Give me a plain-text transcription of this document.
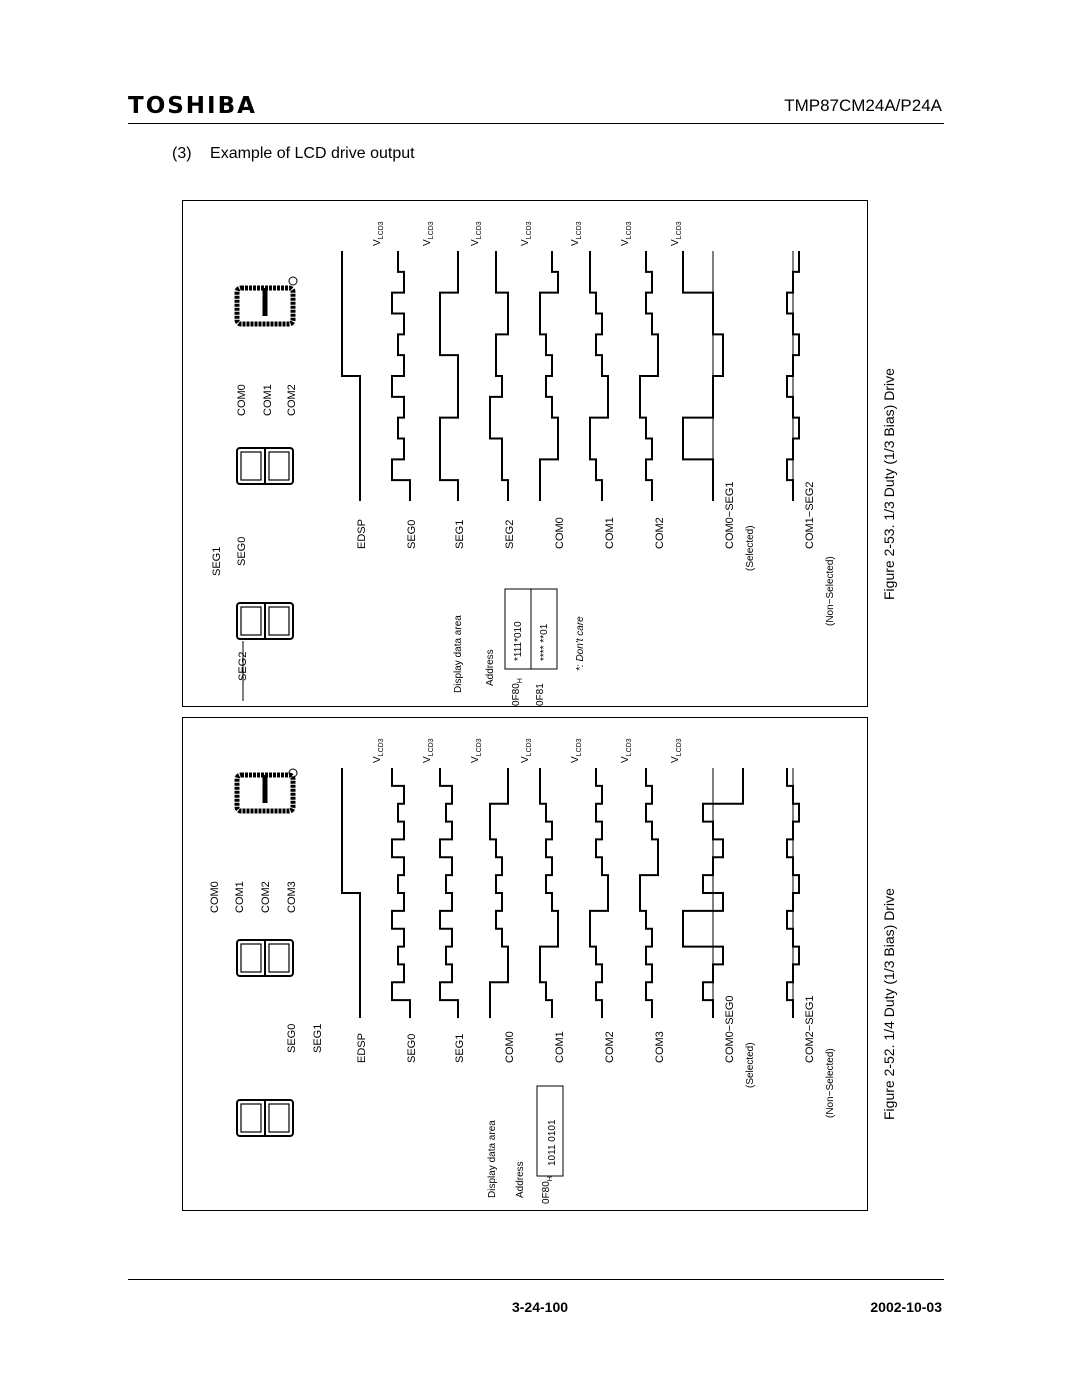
TOSHIBA	TMP87CM24A/P24A
(3) Example of LCD drive output
SEG2
SEG1 SEG0
COM0 COM1 COM2
Display data area Address
$0F80_H$
0F81
*111*010 **** **01	*: Don't care
EDSP	SEG0	SEG1	SEG2	COM0	COM1	COM2	COM0−SEG1	COM1−SEG2
(Selected)
(Non−Selected)
$V_{LCD3}$
$V_{LCD3}$
$V_{LCD3}$
$V_{LCD3}$
$V_{LCD3}$
$V_{LCD3}$
$V_{LCD3}$
SEG0 SEG1
COM0 COM1 COM2 COM3
Display data area Address $0F80_H$
1011 0101
EDSP	SEG0	SEG1	COM0	COM1	COM2	COM3	COM0−SEG0	COM2−SEG1
(Selected)	(Non−Selected)
$V_{LCD3}$
$V_{LCD3}$
$V_{LCD3}$
$V_{LCD3}$
$V_{LCD3}$
$V_{LCD3}$
$V_{LCD3}$
Figure 2-53. 1/3 Duty (1/3 Bias) Drive
Figure 2-52. 1/4 Duty (1/3 Bias) Drive
3-24-100	2002-10-03
